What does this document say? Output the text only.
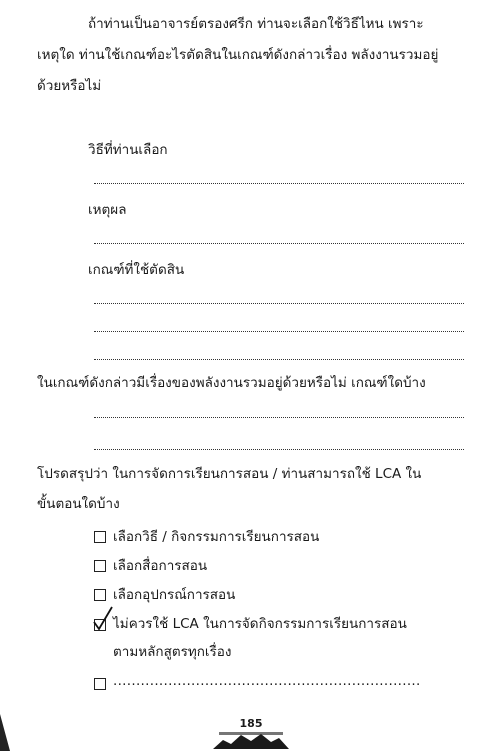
ถ้าท่านเป็นอาจารย์ตรองศรีก ท่านจะเลือกใช้วิธีไหน เพราะ
เหตุใด ท่านใช้เกณฑ์อะไรตัดสินในเกณฑ์ดังกล่าวเรื่อง พลังงานรวมอยู่
ด้วยหรือไม่
วิธีที่ท่านเลือก
เหตุผล
เกณฑ์ที่ใช้ตัดสิน
ในเกณฑ์ดังกล่าวมีเรื่องของพลังงานรวมอยู่ด้วยหรือไม่ เกณฑ์ใดบ้าง
โปรดสรุปว่า ในการจัดการเรียนการสอน / ท่านสามารถใช้ LCA ใน
ขั้นตอนใดบ้าง
เลือกวิธี / กิจกรรมการเรียนการสอน
เลือกสื่อการสอน
เลือกอุปกรณ์การสอน
ไม่ควรใช้ LCA ในการจัดกิจกรรมการเรียนการสอน
ตามหลักสูตรทุกเรื่อง
...................................................................
185
